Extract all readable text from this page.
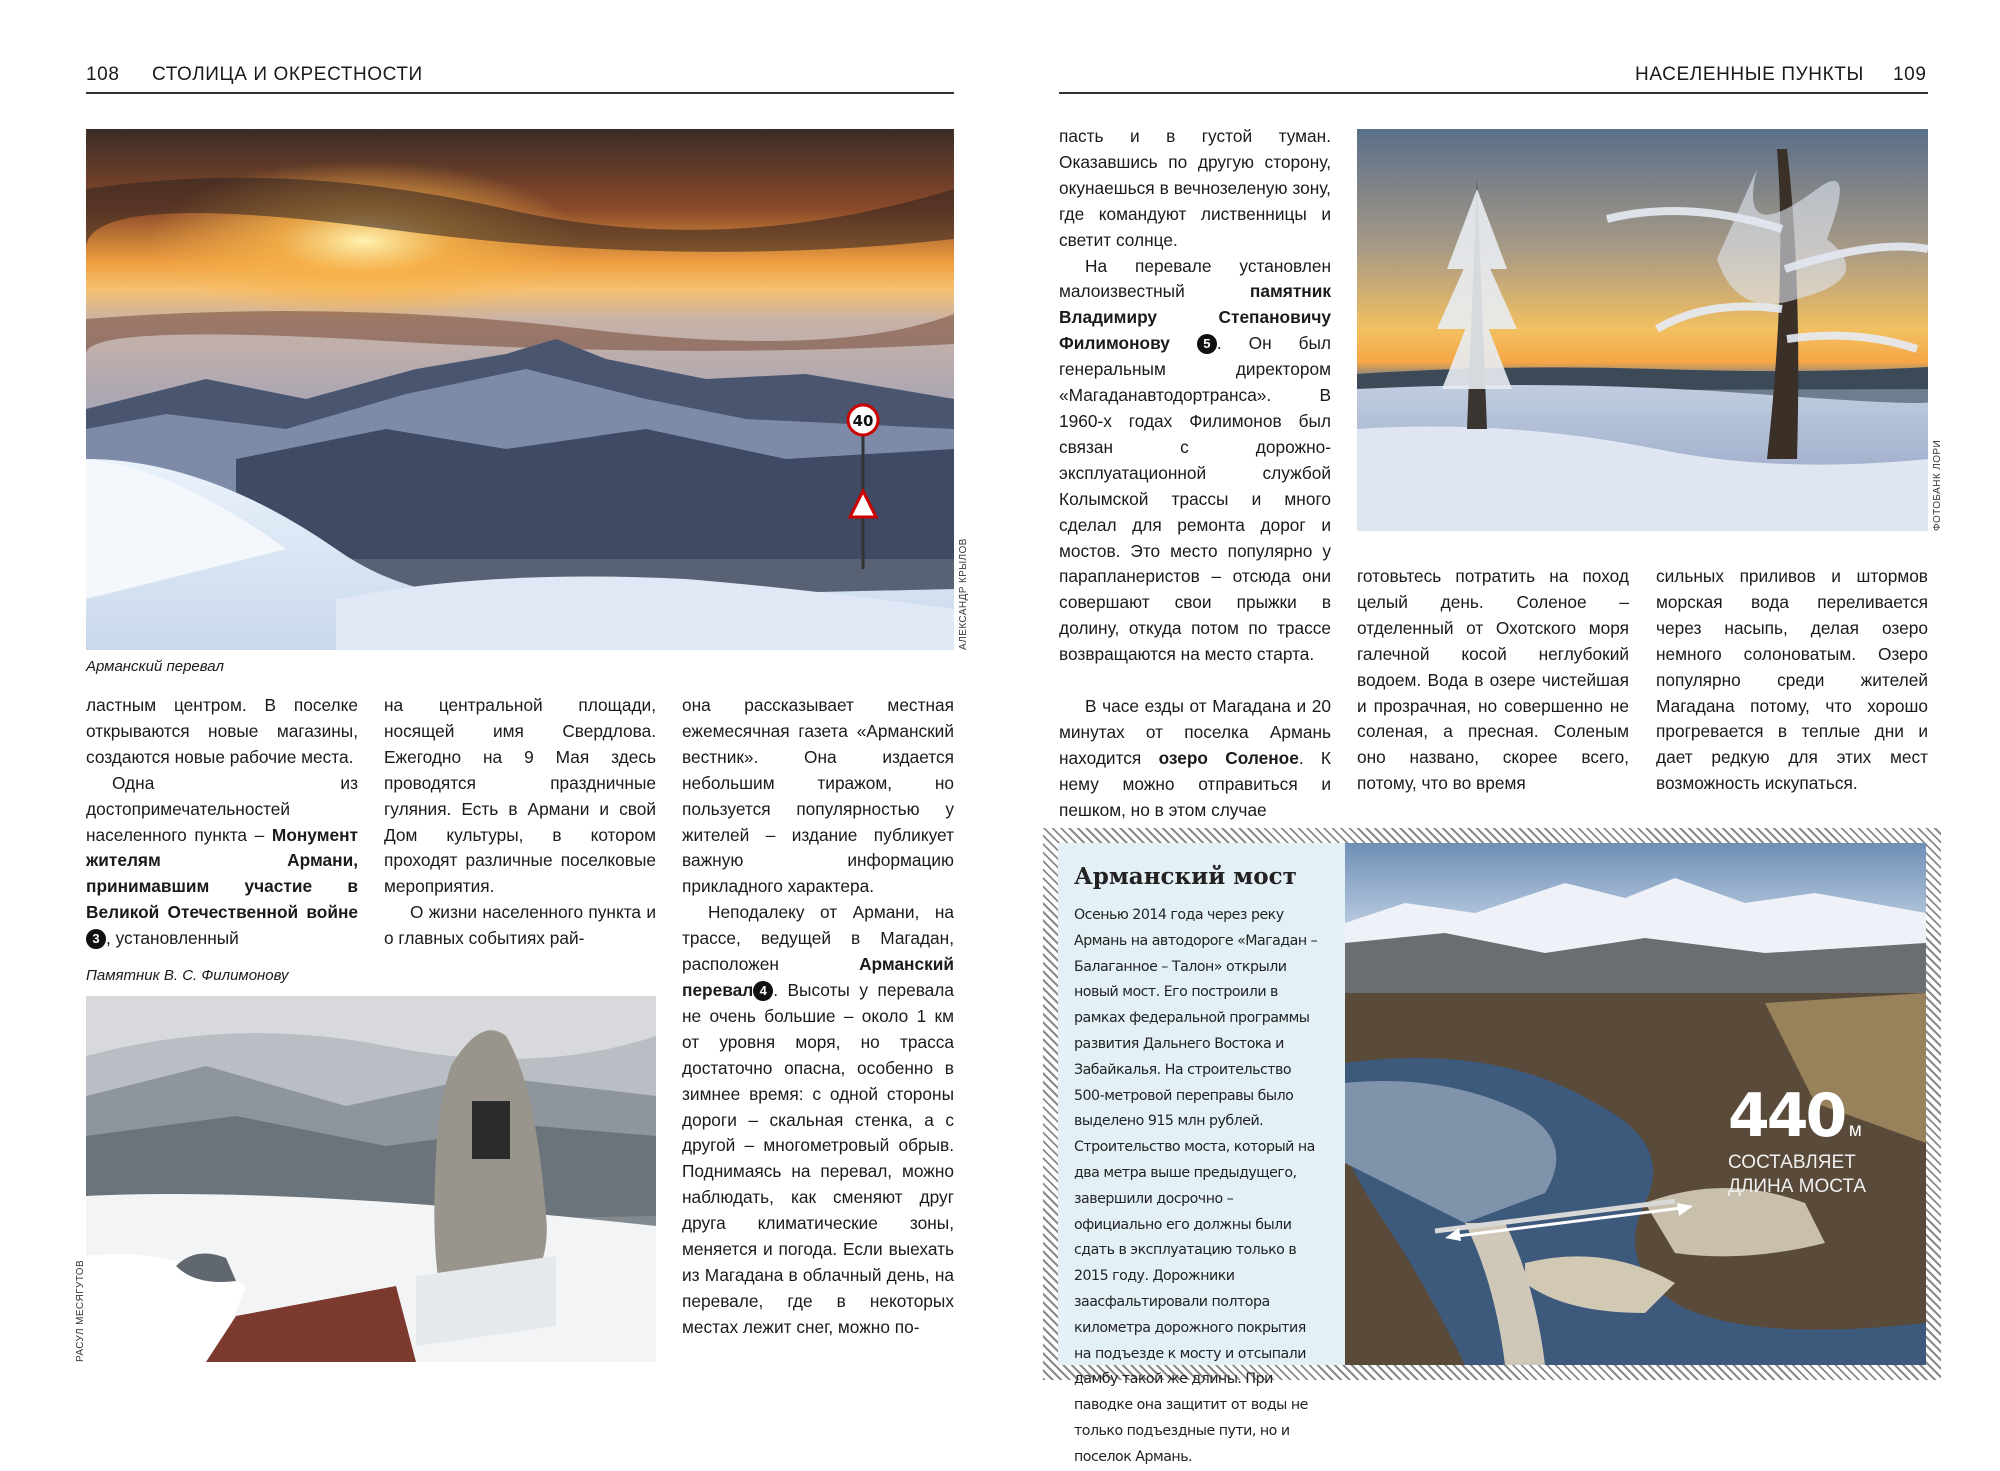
108 СТОЛИЦА И ОКРЕСТНОСТИ
40
АЛЕКСАНДР КРЫЛОВ
Арманский перевал

ластным центром. В поселке открываются новые магазины, создаются новые рабочие места.

Одна из достопримечательностей населенного пункта – Монумент жителям Армани, принимавшим участие в Великой Отечественной войне3 , установленный

на центральной площади, носящей имя Свердлова. Ежегодно на 9 Мая здесь проводятся праздничные гуляния. Есть в Армани и свой Дом культуры, в котором проходят различные поселковые мероприятия.

О жизни населенного пункта и о главных событиях рай-

она рассказывает местная ежемесячная газета «Арманский вестник». Она издается небольшим тиражом, но пользуется популярностью у жителей – издание публикует важную информацию прикладного характера.

Неподалеку от Армани, на трассе, ведущей в Магадан, расположен Арманский перевал 4 . Высоты у перевала не очень большие – около 1 км от уровня моря, но трасса достаточно опасна, особенно в зимнее время: с одной стороны дороги – скальная стенка, а с другой – многометровый обрыв. Поднимаясь на перевал, можно наблюдать, как сменяют друг друга климатические зоны, меняется и погода. Если выехать из Магадана в облачный день, на перевале, где в некоторых местах лежит снег, можно по-

Памятник В. С. Филимонову
РАСУЛ МЕСЯГУТОВ
НАСЕЛЕННЫЕ ПУНКТЫ 109

пасть и в густой туман. Оказавшись по другую сторону, окунаешься в вечнозеленую зону, где командуют лиственницы и светит солнце.

На перевале установлен малоизвестный памятник Владимиру Степановичу Филимонову	5 . Он был генеральным директором «Магаданавтодортранса». В 1960-х годах Филимонов был связан с дорожно-эксплуатационной службой Колымской трассы и много сделал для ремонта дорог и мостов. Это место популярно у парапланеристов – отсюда они совершают свои прыжки в долину, откуда потом по трассе возвращаются на место старта.

В часе езды от Магадана и 20 минутах от поселка Армань находится озеро Соленое. К нему можно отправиться и пешком, но в этом случае

ФОТОБАНК ЛОРИ

готовьтесь потратить на поход целый день. Соленое – отделенный от Охотского моря галечной косой неглубокий водоем. Вода в озере чистейшая и прозрачная, но совершенно не соленая, а пресная. Соленым оно названо, скорее всего, потому, что во время

сильных приливов и штормов морская вода переливается через насыпь, делая озеро немного солоноватым. Озеро популярно среди жителей Магадана потому, что хорошо прогревается в теплые дни и дает редкую для этих мест возможность искупаться.

Арманский мост
Осенью 2014 года через реку Армань на автодороге «Магадан – Балаганное – Талон» открыли новый мост. Его построили в рамках федеральной программы развития Дальнего Востока и Забайкалья. На строительство 500-метровой переправы было выделено 915 млн рублей. Строительство моста, который на два метра выше предыдущего, завершили досрочно – официально его должны были сдать в эксплуатацию только в 2015 году. Дорожники заасфальтировали полтора километра дорожного покрытия на подъезде к мосту и отсыпали дамбу такой же длины. При паводке она защитит от воды не только подъездные пути, но и поселок Армань.
440 м
СОСТАВЛЯЕТ
ДЛИНА МОСТА
